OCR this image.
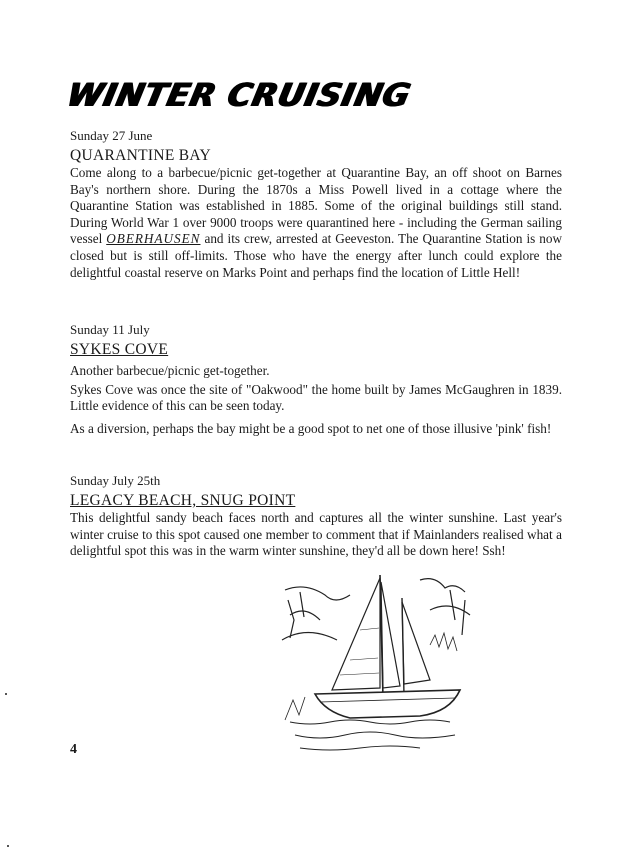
WINTER CRUISING
Sunday 27 June
QUARANTINE BAY

Come along to a barbecue/picnic get-together at Quarantine Bay, an off shoot on Barnes Bay's northern shore. During the 1870s a Miss Powell lived in a cottage where the Quarantine Station was established in 1885. Some of the original buildings still stand. During World War 1 over 9000 troops were quarantined here - including the German sailing vessel OBERHAUSEN and its crew, arrested at Geeveston. The Quarantine Station is now closed but is still off-limits. Those who have the energy after lunch could explore the delightful coastal reserve on Marks Point and perhaps find the location of Little Hell!

Sunday 11 July
SYKES COVE

Another barbecue/picnic get-together.

Sykes Cove was once the site of "Oakwood" the home built by James McGaughren in 1839. Little evidence of this can be seen today.

As a diversion, perhaps the bay might be a good spot to net one of those illusive 'pink' fish!

Sunday July 25th
LEGACY BEACH, SNUG POINT

This delightful sandy beach faces north and captures all the winter sunshine. Last year's winter cruise to this spot caused one member to comment that if Mainlanders realised what a delightful spot this was in the warm winter sunshine, they'd all be down here! Ssh!

4
